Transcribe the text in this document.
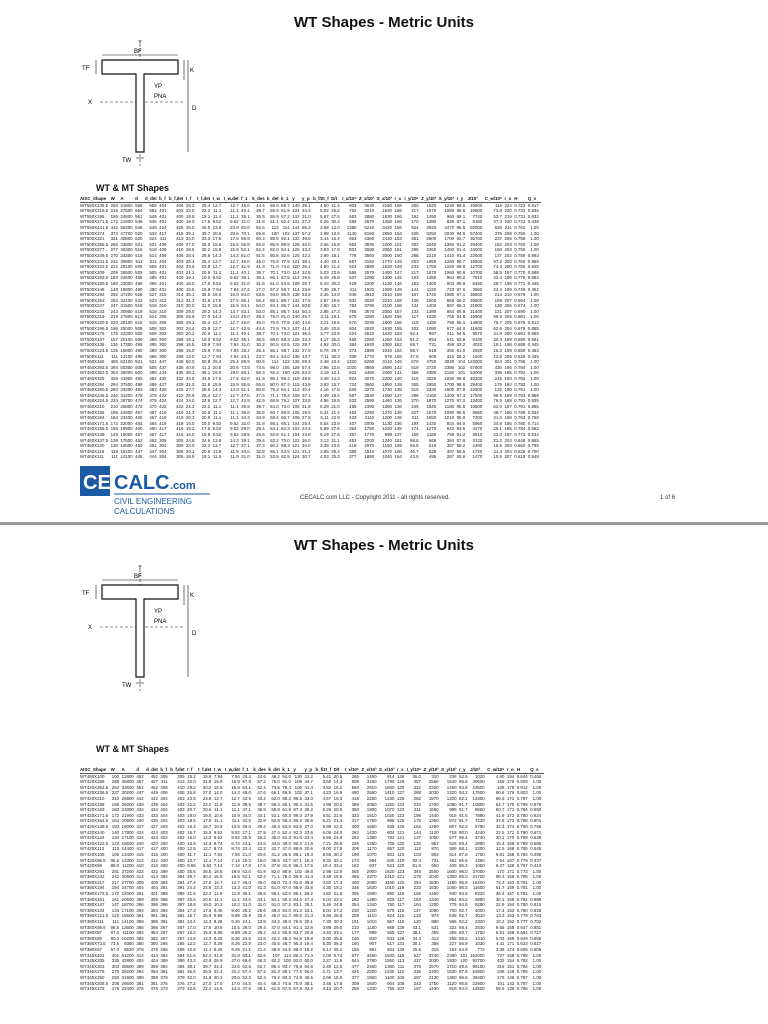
WT Shapes - Metric Units
Y
BF
TF
X
TW
K
YP
PNA
D
WT & MT Shapes
AISC_Shape	W	A	d	d_det	b_f	b_f,det	t_f	t_f,det	t_w	t_w,det	f_1	k_des	k_det	k_1	y	y_p	b_f/2t_f	D/t	I_x/10⁶	Z_x/10³	S_x/10³	r_x	I_y/10⁶	Z_y/10³	S_y/10³	r_y	J/10³	C_w/10⁶	r_o	H	Q_s
WT550X249.5	250	31800	559	559	404	406	26.2	25.4	12.7	12.7	45.0	44.4	65.0	66.7	140	39.1	4.50	21.4	903	3630	2150	168	250	1920	1230	88.6	15500	116	224	0.723	0.817
WT550X216.5	216	27500	554	552	401	403	22.0	22.2	11.1	11.1	40.1	39.7	59.9	61.9	134	34.3	5.02	25.2	762	3210	1620	166	217	1670	1080	88.6	10600	73.8	220	0.733	0.836
WT550X195	195	24800	551	549	401	400	19.9	19.1	11.4	11.1	36.1	36.5	55.9	57.2	132	31.0	5.57	27.6	663	2880	1630	166	192	1490	960	88.1	7740	53.7	219	0.731	0.832
WT550X171.5	172	21900	546	546	401	400	18.0	17.5	9.52	9.52	31.0	31.8	51.1	52.4	131	27.2	6.25	30.3	599	2570	1450	166	170	1280	826	87.1	5160	37.3	220	0.723	0.438
WT550X441.5	442	56300	546	546	424	425	45.0	46.0	23.6	23.8	82.0	82.6	112	114	144	66.3	2.58	12.0	1380	6210	3420	156	524	3920	2470	96.5	92000	626	211	0.762	1.00
WT500X374	374	47700	520	533	417	416	39.1	39.7	20.6	20.6	70.1	69.8	100	102	137	57.2	2.98	13.6	1140	5150	2850	154	425	3250	2030	94.5	57400	376	208	0.760	1.00
WT500X321	321	40800	520	524	411	413	34.0	33.3	17.5	17.5	59.9	60.3	89.9	92.1	132	49.5	3.44	15.4	953	4360	2430	153	351	2600	1700	92.7	36700	237	205	0.758	1.00
WT500X265.5	266	33800	521	521	409	409	27.0	28.0	15.6	15.9	55.9	55.6	85.9	88.9	128	46.0	3.66	16.8	862	3930	2200	151	282	2040	1360	91.2	29400	182	203	0.760	1.00
WT500X277	277	35300	516	518	409	410	29.5	30.2	15.9	15.9	52.1	52.4	82.0	84.1	126	43.2	3.93	17.5	803	3690	2060	151	295	2260	1450	91.4	24000	150	203	0.756	1.00
WT500X249.5	270	34300	516	514	406	406	28.4	28.6	14.3	14.3	51.0	51.5	80.8	82.6	125	42.2	3.99	18.1	778	3560	2000	150	288	2210	1410	91.4	22600	137	202	0.759	0.993
WT500X241.5	242	30800	511	511	404	403	25.4	25.4	12.7	12.7	46.0	46.0	75.9	77.6	121	38.1	4.40	20.1	687	3150	1770	149	253	1950	1260	90.7	16500	97.2	200	0.760	0.969
WT500X222.5	222	28100	505	505	401	403	23.6	23.8	12.7	12.7	41.9	41.3	71.9	74.6	120	35.1	4.80	21.4	624	2880	1620	149	233	1750	1150	89.9	12700	74.3	200	0.756	0.925
WT500X209	209	26500	505	505	401	403	21.1	20.6	11.1	11.1	40.1	39.7	70.1	73.0	114	32.8	5.03	23.9	566	2570	1450	147	217	1670	1060	90.9	10700	58.5	197	0.770	0.699
WT500X193.5	193	24600	495	495	401	400	19.1	19.0	9.52	9.52	36.1	36.1	66.1	67.5	112	29.5	5.49	25.8	507	2290	1300	145	193	1490	964	90.2	7910	42.4	196	0.776	0.593
WT500X180.5	180	23000	496	496	401	400	18.0	17.5	9.52	9.52	31.0	31.8	61.0	63.5	109	25.7	6.43	30.3	429	2200	1130	146	183	1400	903	89.9	6450	28.7	195	0.771	0.445
WT500X148	148	18800	490	490	401	400	15.5	15.9	7.94	7.94	27.2	27.0	57.2	58.7	114	23.6	7.39	29.7	411	1920	1090	148	144	1120	723	87.6	3860	22.4	199	0.746	0.452
WT500X292	292	37200	528	527	315	314	35.1	36.5	19.0	19.0	64.0	63.5	94.0	96.8	138	53.3	2.45	14.8	945	4510	2510	159	167	1740	1080	67.1	35600	214	210	0.679	1.00
WT500X252	252	32100	523	523	312	312	31.2	31.8	17.5	17.5	56.1	56.4	88.1	89.7	132	47.5	2.87	16.6	832	4020	2210	158	135	1500	865	66.2	26500	159	207	0.664	1.00
WT500X247	247	31500	518	518	310	310	30.0	31.0	15.9	15.9	54.1	54.0	84.1	85.7	144	50.8	2.90	16.7	783	3790	2100	158	134	1400	867	65.3	21900	130	206	0.674	1.00
WT500X243	243	30900	518	518	310	309	29.0	29.2	14.3	14.7	53.1	53.0	85.1	85.7	144	50.3	2.85	17.3	766	3670	2050	157	133	1390	864	65.8	21400	121	207	0.690	1.00
WT500X219	219	27800	513	514	305	305	26.9	27.0	14.3	14.0	49.0	49.2	79.0	81.0	140	45.7	3.11	19.1	679	3280	1820	156	117	1230	765	64.8	15900	86.5	205	0.681	1.00
WT500X220.5	220	28100	515	515	305	305	28.2	25.4	12.7	12.7	46.0	46.0	75.9	77.8	140	44.5	3.21	19.5	670	3230	1800	156	115	1190	759	65.1	14800	75.7	205	0.675	0.913
WT500X196.5	196	25000	508	508	302	302	24.4	23.8	12.7	12.7	43.9	44.4	73.9	76.2	137	41.4	3.45	20.8	604	2920	1630	155	102	1080	677	64.0	11600	62.6	204	0.679	0.855
WT500X175	175	22300	505	505	302	300	20.2	20.6	11.1	11.1	40.1	39.7	70.1	73.0	131	36.3	3.77	23.9	524	2510	1420	153	92.4	967	611	64.5	8570	41.9	200	0.691	0.699
WT500X157	157	20100	500	498	300	298	19.1	19.0	9.52	9.52	36.1	36.5	66.0	68.3	129	33.3	4.17	26.3	466	2260	1260	153	81.2	854	541	63.8	6330	30.3	199	0.690	0.581
WT500X136	136	17300	495	495	300	298	16.5	15.9	7.94	7.94	31.0	30.2	60.5	63.5	126	28.7	4.92	30.0	384	1920	1060	152	68.7	721	459	63.2	4020	19.1	198	0.688	0.445
WT500X124.5	125	15800	490	489	300	298	15.0	15.9	7.94	7.94	28.2	25.4	56.1	58.7	132	27.9	5.76	29.7	374	1880	1040	154	58.7	619	392	61.0	2920	16.0	199	0.659	0.454
WT500X111	111	14100	485	486	300	298	13.0	12.7	7.94	7.94	24.1	23.7	54.1	54.0	138	43.7	7.11	30.3	339	1770	978	155	47.5	506	316	58.2	1940	13.9	209	0.626	0.435
WT460X465	465	62100	521	521	447	448	50.0	50.8	25.4	25.4	89.9	90.5	114	122	136	69.3	2.48	10.4	1320	6260	3410	146	670	4750	3020	104	123000	824	201	0.795	1.00
WT460X393.5	394	50300	505	505	437	438	40.9	41.3	20.6	20.6	73.9	74.6	98.0	106	129	57.4	2.96	12.6	1020	4860	2690	142	519	3720	2380	102	67800	430	196	0.794	1.00
WT460X362.5	362	46000	500	498	434	435	38.1	38.1	19.0	19.0	66.1	68.3	92.2	100	126	53.3	3.19	13.1	924	4460	2460	141	466	3380	2150	101	53000	336	195	0.792	1.00
WT460X328	328	41900	492	492	432	432	34.5	34.9	17.5	17.5	62.0	61.9	86.1	95.3	119	48.5	3.48	14.3	824	4070	2200	140	416	3020	1930	99.8	40200	245	193	0.792	1.00
WT460X294	294	37500	488	489	427	429	31.0	31.8	15.9	15.9	55.9	55.6	80.0	87.3	115	43.9	3.83	15.7	724	3660	1950	139	365	2650	1700	98.6	29400	175	192	0.792	1.00
WT460X260.5	260	33200	483	482	425	425	27.7	28.6	14.3	14.3	51.1	50.8	75.2	84.1	112	40.4	4.16	17.5	636	3270	1730	138	319	2330	1500	97.8	22500	132	190	0.791	1.00
WT460X245.5	246	31200	478	479	422	422	25.9	25.4	12.7	12.7	47.0	47.6	71.1	79.4	109	37.1	4.49	19.4	587	2830	1590	137	296	2160	1400	97.3	17500	99.9	189	0.793	0.969
WT460X224.5	224	28700	474	475	424	424	24.0	24.6	12.7	12.7	42.9	42.9	66.8	76.2	107	33.8	4.96	19.8	532	2590	1460	136	270	1970	1270	97.0	13400	76.5	188	0.792	0.935
WT460X210	210	26800	472	470	422	422	22.2	22.2	11.1	11.1	39.9	39.7	64.0	73.0	106	31.8	5.29	21.0	495	2390	1350	136	249	1840	1180	96.5	10800	62.0	187	0.791	0.865
WT460X196	196	24900	467	467	419	419	21.3	20.6	11.1	11.1	36.6	36.5	60.7	69.9	105	29.5	5.31	21.4	462	2250	1270	136	227	1670	1090	95.5	8660	48.7	186	0.788	0.834
WT460X184	184	23400	465	467	419	419	20.3	20.6	11.1	11.1	34.3	34.9	58.4	66.7	105	27.9	5.11	22.9	433	2110	1200	136	211	1550	1010	95.0	7200	41.6	188	0.763	0.768
WT460X171.5	172	22000	464	464	419	419	19.0	19.0	9.52	9.52	32.0	31.8	56.1	65.1	104	26.4	5.54	23.9	407	2000	1130	136	194	1430	934	94.0	5950	34.8	186	0.780	0.714
WT460X156.5	156	19900	460	460	417	416	18.2	17.5	9.52	9.52	29.0	29.4	53.1	62.3	102	24.4	5.89	27.6	364	1780	1020	135	174	1270	842	93.5	4270	25.1	185	0.784	0.562
WT460X149	149	19000	457	457	417	416	16.0	15.9	9.52	9.52	28.5	28.6	52.8	61.1	104	24.8	6.19	27.6	357	1770	998	137	158	1180	758	91.2	3510	23.0	187	0.772	0.534
WT460X137.5	138	17500	452	452	305	305	24.6	24.6	13.8	14.3	39.1	39.4	62.2	70.0	122	36.0	3.13	21.1	453	2200	1240	161	58.6	669	384	57.8	3120	21.2	204	0.646	0.855
WT460X130	130	16500	450	451	304	305	23.0	22.2	12.7	12.7	37.1	37.3	60.2	68.3	121	34.0	3.39	23.6	418	2070	1150	159	55.8	619	367	58.2	2490	16.5	203	0.650	0.795
WT460X119	119	15100	447	447	304	305	20.1	20.6	11.9	11.9	33.0	32.8	56.1	63.5	121	31.2	3.86	25.4	388	1910	1070	160	46.7	528	307	55.6	1720	11.3	204	0.626	0.700
WT460X111	111	14100	445	444	304	305	18.9	19.1	11.9	11.9	31.0	31.0	53.9	62.5	124	30.7	4.03	25.3	377	1850	1040	164	43.6	495	287	55.6	1470	10.5	207	0.618	0.648
CE CALC .com
CIVIL ENGINEERING
CALCULATIONS
CECALC.com LLC - Copyright 2011 - all rights reserved.	1 of 6
WT Shapes - Metric Units
Y
BF
TF
X
TW
K
YP
PNA
D
WT & MT Shapes
AISC_Shape	W	A	d	d_det	b_f	b_f,det	t_f	t_f,det	t_w	t_w,det	f_1	k_des	k_det	k_1	y	y_p	b_f/2t_f	D/t	I_x/10⁶	Z_x/10³	S_x/10³	r_x	I_y/10⁶	Z_y/10³	S_y/10³	r_y	J/10³	C_w/10⁶	r_o	H	Q_s
WT460X100	100	12800	452	452	305	305	15.2	15.9	7.94	7.94	24.4	24.6	46.2	54.0	130	31.2	5.41	30.5	285	1450	814	148	36.0	310	236	52.9	1020	4.80	194	0.644	0.466
WT420X288	288	36800	457	457	411	413	32.0	31.8	15.9	15.9	57.9	57.2	76.0	81.0	108	44.7	3.55	14.3	608	3160	1790	129	357	2560	1640	95.6	30600	165	179	0.603	1.00
WT420X263.5	264	33600	452	452	409	410	29.2	30.2	15.6	15.9	53.1	52.4	73.6	78.4	106	41.4	3.82	15.2	560	2910	1650	129	322	2320	1490	94.8	23600	125	178	0.812	1.00
WT420X236.5	237	30200	447	448	406	406	26.8	27.0	14.0	14.3	48.0	47.6	66.1	69.9	102	37.1	4.23	16.9	480	2560	1410	127	288	2030	1320	94.2	17500	90.6	176	0.803	1.00
WT420X210	210	26800	442	442	404	403	23.9	23.8	12.7	12.7	42.9	43.2	62.0	68.3	96.5	33.3	4.57	19.3	418	2250	1230	125	262	1870	1200	92.1	13300	66.5	171	0.787	1.00
WT420X198	198	25000	439	439	404	403	22.2	22.2	11.9	11.9	39.9	39.7	59.4	65.1	95.3	31.5	4.98	20.5	389	2050	1150	124	234	1700	1090	91.7	10800	54.7	170	0.795	0.975
WT420X183	183	23300	434	434	404	403	20.7	20.6	11.1	11.1	37.1	36.5	55.9	61.9	97.3	30.2	5.26	20.6	350	1900	1070	123	211	1550	999	91.7	9560	50.7	171	0.784	0.950
WT420X171.5	172	21900	433	433	404	403	19.0	19.0	10.9	10.9	34.0	34.1	53.1	60.3	96.3	27.9	5.51	21.6	333	1810	1020	123	195	1440	918	91.6	7890	41.9	173	0.780	0.924
WT420X164.5	164	20900	430	430	404	403	18.5	17.5	11.1	11.1	32.5	32.8	52.8	58.4	96.3	28.6	5.21	21.4	317	1750	986	125	176	1350	872	91.7	7220	37.5	173	0.788	0.801
WT420X149.5	150	19000	427	427	403	403	16.4	16.7	10.5	10.5	29.0	29.4	49.3	53.5	93.5	27.0	5.98	22.0	300	1660	939	125	162	1250	807	92.3	5790	32.4	174	0.790	0.756
WT420X140	140	17800	424	424	403	402	15.7	15.9	9.52	9.52	27.1	27.8	47.4	52.4	92.3	23.6	6.09	24.0	262	1430	804	121	144	1120	718	90.0	4240	22.5	171	0.790	0.671
WT420X134	134	17100	424	424	402	402	15.0	14.3	9.52	9.52	25.9	26.2	46.0	51.3	91.5	23.4	6.59	24.8	252	1380	782	121	137	1050	677	89.4	3740	20.1	170	0.789	0.638
WT420X122.5	123	15600	420	420	400	400	13.9	14.3	8.74	8.74	24.1	24.6	44.5	49.0	90.3	21.6	7.21	26.9	226	1250	705	120	125	962	626	89.4	2880	15.4	169	0.788	0.586
WT420X113	113	14400	417	417	400	400	12.5	12.7	8.74	8.74	22.4	22.2	42.7	47.0	88.9	20.6	8.00	27.8	208	1170	657	120	112	870	559	88.1	2200	12.5	168	0.785	0.545
WT420X105	105	13400	415	415	400	400	11.7	11.1	7.94	7.94	21.0	20.6	41.2	45.5	88.1	19.3	8.55	30.2	190	1070	601	119	103	802	514	87.6	1760	9.81	168	0.784	0.490
WT420X96.5	96.5	12300	412	412	400	400	10.7	11.1	7.14	7.14	19.3	19.0	39.5	43.7	87.1	18.3	9.32	33.1	173	984	546	119	92.4	731	462	86.6	1360	7.54	167	0.779	0.437
WT420X88	88.0	11200	410	410	400	400	9.65	9.52	7.14	7.14	17.8	17.5	37.8	41.9	86.4	17.5	10.4	33.4	162	937	521	120	81.6	650	408	85.3	1050	6.37	168	0.767	0.413
WT380X291	291	37200	422	422	399	400	35.6	36.5	19.8	19.8	62.0	61.9	82.0	88.9	102	49.8	2.98	12.8	565	2900	1620	123	345	2500	1600	96.0	37000	170	171	0.773	1.00
WT380X242	242	30900	414	414	394	394	29.7	30.2	16.5	16.5	52.1	52.4	71.1	78.0	96.5	41.4	3.49	15.5	455	2370	1310	121	279	2040	1300	95.0	21700	98.4	166	0.795	1.00
WT380X217	217	27700	409	409	394	394	27.4	27.0	14.7	14.7	46.0	46.0	66.0	72.4	92.6	36.8	3.82	17.3	400	2080	1150	120	254	1830	1180	95.8	16200	73.2	163	0.781	1.00
WT380X194	194	24700	404	404	391	391	24.4	24.6	13.3	13.3	41.0	41.3	61.0	67.0	88.9	32.8	4.30	19.2	348	1830	1010	119	223	1630	1050	95.3	11600	51.7	159	0.781	1.00
WT380X172.5	172	22000	401	401	389	389	21.6	22.2	11.9	11.9	36.1	36.5	56.1	62.0	86.1	29.2	4.82	21.5	305	1590	890	118	196	1450	930	94.5	8220	36.4	157	0.781	1.00
WT380X161	161	20600	399	399	386	387	20.6	20.6	11.1	11.1	34.0	34.1	54.1	60.3	84.6	27.4	5.04	23.1	283	1480	829	117	183	1340	864	94.2	6880	30.1	155	0.781	0.989
WT380X147	147	18700	396	396	386	387	18.8	19.0	10.2	10.2	31.0	31.0	51.0	57.2	83.1	25.1	5.46	24.9	254	1340	750	117	164	1200	775	93.5	5290	22.9	154	0.780	0.916
WT380X134	134	17100	394	394	384	384	17.3	17.5	9.40	9.40	28.2	28.6	48.3	54.0	81.3	23.1	6.04	27.2	230	1220	679	116	147	1090	700	92.7	4000	17.4	153	0.780	0.828
WT380X121.5	122	15500	391	391	381	381	15.7	15.9	8.89	8.89	25.9	25.4	46.0	51.3	80.5	21.3	6.66	28.8	209	1110	624	116	133	974	635	92.7	3010	13.3	153	0.778	0.763
WT380X111	111	14100	389	389	381	381	14.4	14.3	8.26	8.26	24.1	23.8	44.2	49.0	79.5	20.1	7.30	30.3	191	1010	567	116	120	880	566	92.2	2320	10.2	152	0.777	0.702
WT380X98.5	98.5	12600	386	386	267	267	17.0	17.5	10.5	10.5	29.0	29.4	47.0	54.1	91.4	22.8	3.89	29.0	210	1180	668	129	43.1	531	322	58.4	2540	9.65	168	0.647	0.851
WT380X87	87.0	11100	384	384	267	267	15.2	15.9	8.89	8.89	26.2	26.2	44.2	50.8	93.7	20.8	4.40	33.1	177	999	565	127	38.1	459	285	58.7	1750	6.51	168	0.654	0.717
WT380X80	80.0	10200	382	382	267	267	13.5	14.3	8.26	8.26	24.5	24.6	42.2	48.3	94.5	19.8	5.00	35.5	166	940	533	128	34.4	412	258	58.2	1310	5.03	169	0.649	0.655
WT380X73.5	73.5	9380	380	380	265	265	12.2	12.7	8.26	8.26	22.9	23.0	40.6	46.7	95.3	19.4	5.30	36.3	160	907	517	131	30.1	368	227	56.9	1030	4.11	171	0.633	0.617
WT380X67	67.0	8520	378	378	265	265	10.8	11.1	8.26	8.26	21.1	21.4	38.9	44.5	98.0	19.2	6.14	35.1	155	881	504	135	25.6	315	193	54.9	772	3.38	174	0.605	0.606
WT345X401	401	51200	414	414	394	394	51.6	52.4	31.8	31.8	83.1	82.6	107	114	86.4	71.4	2.00	9.74	677	3450	1930	115	527	3740	2390	101	152000	727	158	0.785	1.00
WT345X335	335	42800	404	404	389	389	43.2	42.9	26.9	27.0	68.6	68.3	92.2	100	82.0	60.0	2.27	11.5	544	2780	1560	113	427	3030	1930	100	92700	432	154	0.782	1.00
WT345X303	303	38600	399	399	384	384	39.1	39.7	24.4	24.6	62.5	62.7	86.4	93.7	79.8	54.6	2.49	12.6	477	2460	1380	111	376	2670	1710	98.6	69100	316	151	0.784	1.00
WT345X276	276	35200	394	394	381	381	35.6	36.5	22.4	22.2	57.4	57.2	81.3	88.1	77.5	50.0	2.71	13.7	425	2200	1230	110	336	2400	1530	97.8	52900	238	149	0.785	1.00
WT345X250	250	31900	389	389	379	379	32.0	31.8	20.3	20.6	52.3	52.4	76.2	83.3	74.9	45.5	2.96	15.0	377	1960	1100	109	297	2130	1360	96.8	39400	176	146	0.787	1.00
WT345X208.5	208	26600	381	381	376	376	27.2	27.0	17.0	17.0	44.5	44.4	68.3	74.6	70.9	38.1	3.45	17.8	308	1600	904	108	243	1750	1120	95.8	22900	101	142	0.787	1.00
WT345X175	175	22400	376	376	373	373	22.6	22.2	14.5	14.3	37.6	38.1	61.5	67.5	67.8	32.2	4.13	20.7	256	1340	755	107	197	1430	918	94.0	13500	59.5	139	0.786	1.00
